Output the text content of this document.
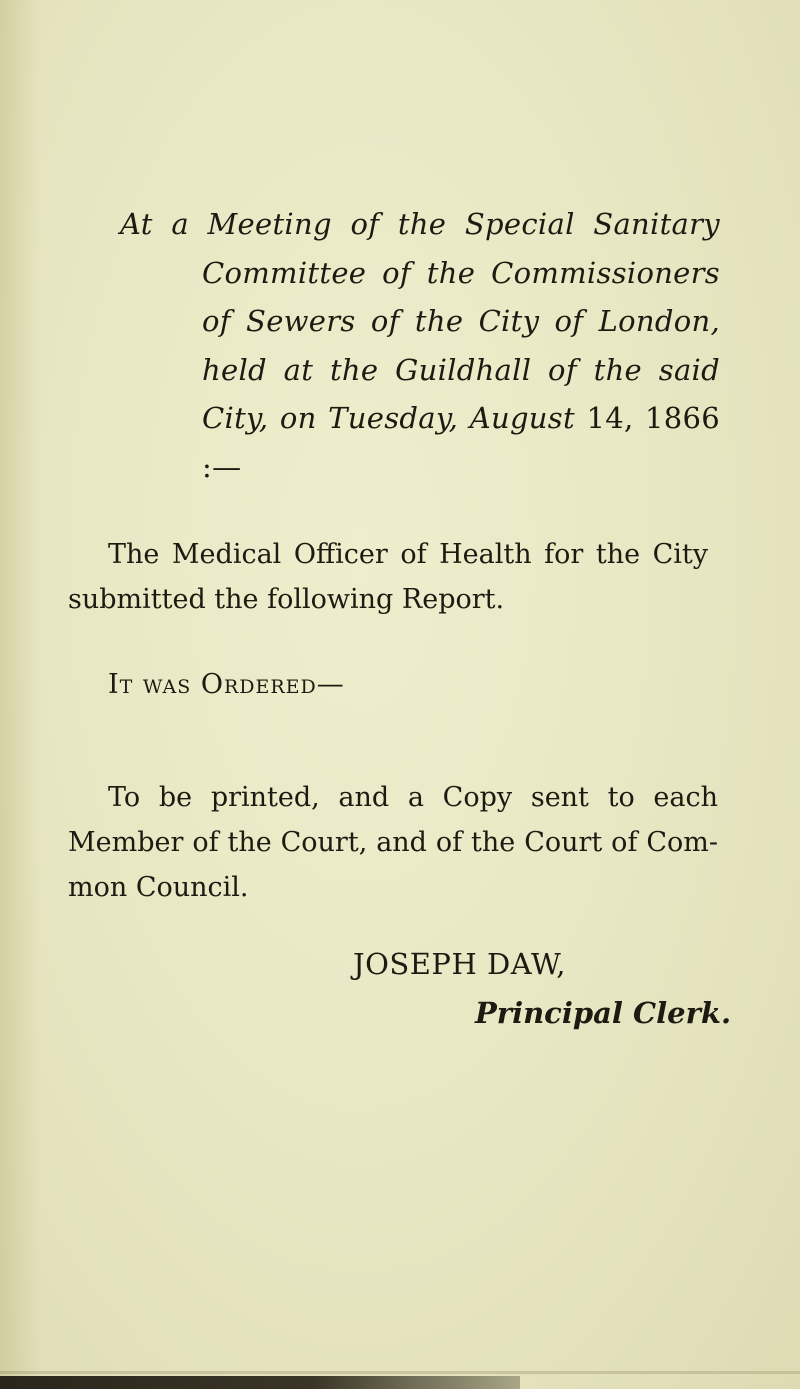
At a Meeting of the Special Sanitary Committee of the Commissioners of Sewers of the City of London, held at the Guildhall of the said City, on Tuesday, August 14, 1866 :—
The Medical Officer of Health for the City submitted the following Report.
It was Ordered—
To be printed, and a Copy sent to each Member of the Court, and of the Court of Com- mon Council.
JOSEPH DAW,
Principal Clerk.
